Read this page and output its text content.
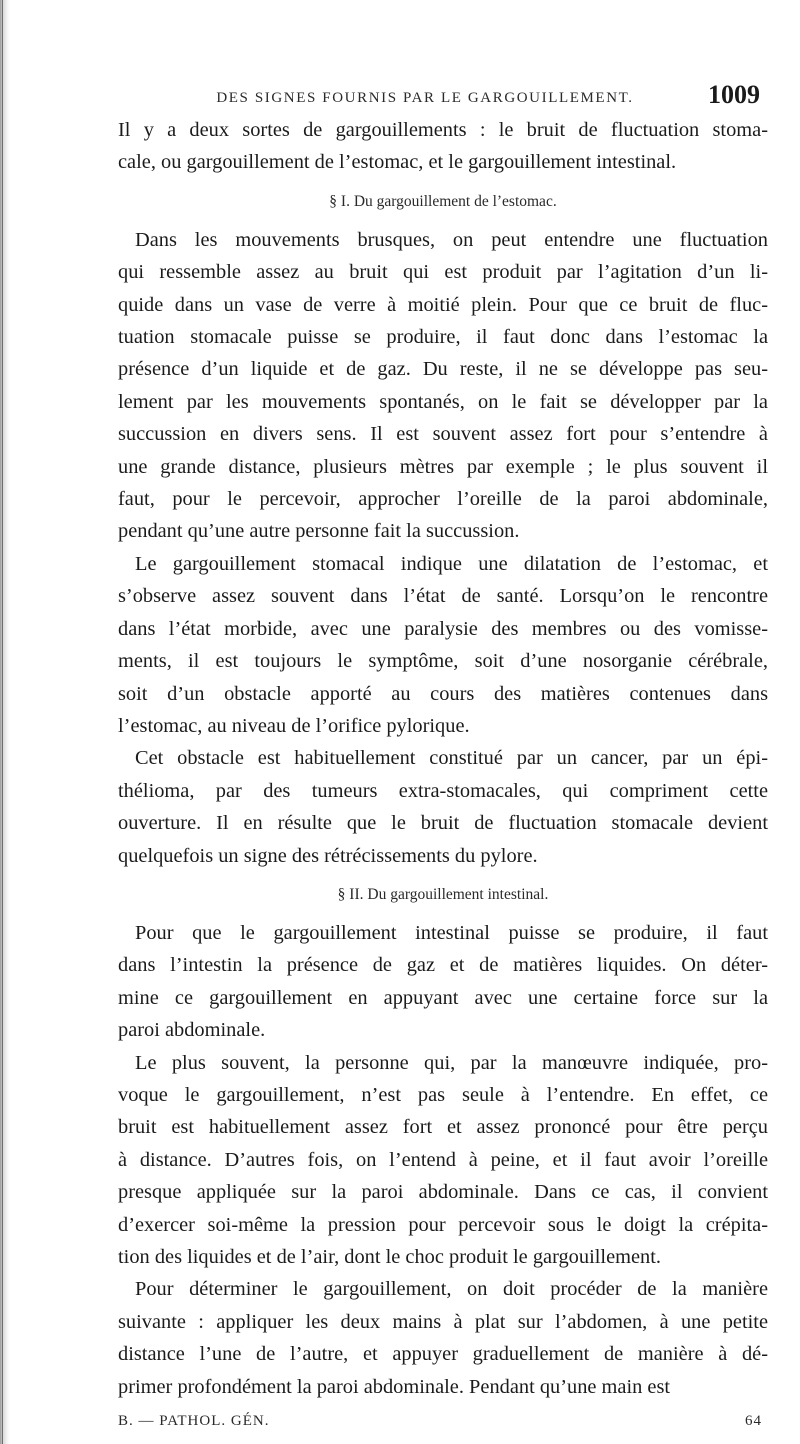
DES SIGNES FOURNIS PAR LE GARGOUILLEMENT.	1009

Il y a deux sortes de gargouillements : le bruit de fluctuation stoma-
cale, ou gargouillement de l’estomac, et le gargouillement intestinal.

§ I. Du gargouillement de l’estomac.

Dans les mouvements brusques, on peut entendre une fluctuation
qui ressemble assez au bruit qui est produit par l’agitation d’un li-
quide dans un vase de verre à moitié plein. Pour que ce bruit de fluc-
tuation stomacale puisse se produire, il faut donc dans l’estomac la
présence d’un liquide et de gaz. Du reste, il ne se développe pas seu-
lement par les mouvements spontanés, on le fait se développer par la
succussion en divers sens. Il est souvent assez fort pour s’entendre à
une grande distance, plusieurs mètres par exemple ; le plus souvent il
faut, pour le percevoir, approcher l’oreille de la paroi abdominale,
pendant qu’une autre personne fait la succussion.

Le gargouillement stomacal indique une dilatation de l’estomac, et
s’observe assez souvent dans l’état de santé. Lorsqu’on le rencontre
dans l’état morbide, avec une paralysie des membres ou des vomisse-
ments, il est toujours le symptôme, soit d’une nosorganie cérébrale,
soit d’un obstacle apporté au cours des matières contenues dans
l’estomac, au niveau de l’orifice pylorique.

Cet obstacle est habituellement constitué par un cancer, par un épi-
thélioma, par des tumeurs extra-stomacales, qui compriment cette
ouverture. Il en résulte que le bruit de fluctuation stomacale devient
quelquefois un signe des rétrécissements du pylore.

§ II. Du gargouillement intestinal.

Pour que le gargouillement intestinal puisse se produire, il faut
dans l’intestin la présence de gaz et de matières liquides. On déter-
mine ce gargouillement en appuyant avec une certaine force sur la
paroi abdominale.

Le plus souvent, la personne qui, par la manœuvre indiquée, pro-
voque le gargouillement, n’est pas seule à l’entendre. En effet, ce
bruit est habituellement assez fort et assez prononcé pour être perçu
à distance. D’autres fois, on l’entend à peine, et il faut avoir l’oreille
presque appliquée sur la paroi abdominale. Dans ce cas, il convient
d’exercer soi-même la pression pour percevoir sous le doigt la crépita-
tion des liquides et de l’air, dont le choc produit le gargouillement.

Pour déterminer le gargouillement, on doit procéder de la manière
suivante : appliquer les deux mains à plat sur l’abdomen, à une petite
distance l’une de l’autre, et appuyer graduellement de manière à dé-
primer profondément la paroi abdominale. Pendant qu’une main est

B. — PATHOL. GÉN.	64
